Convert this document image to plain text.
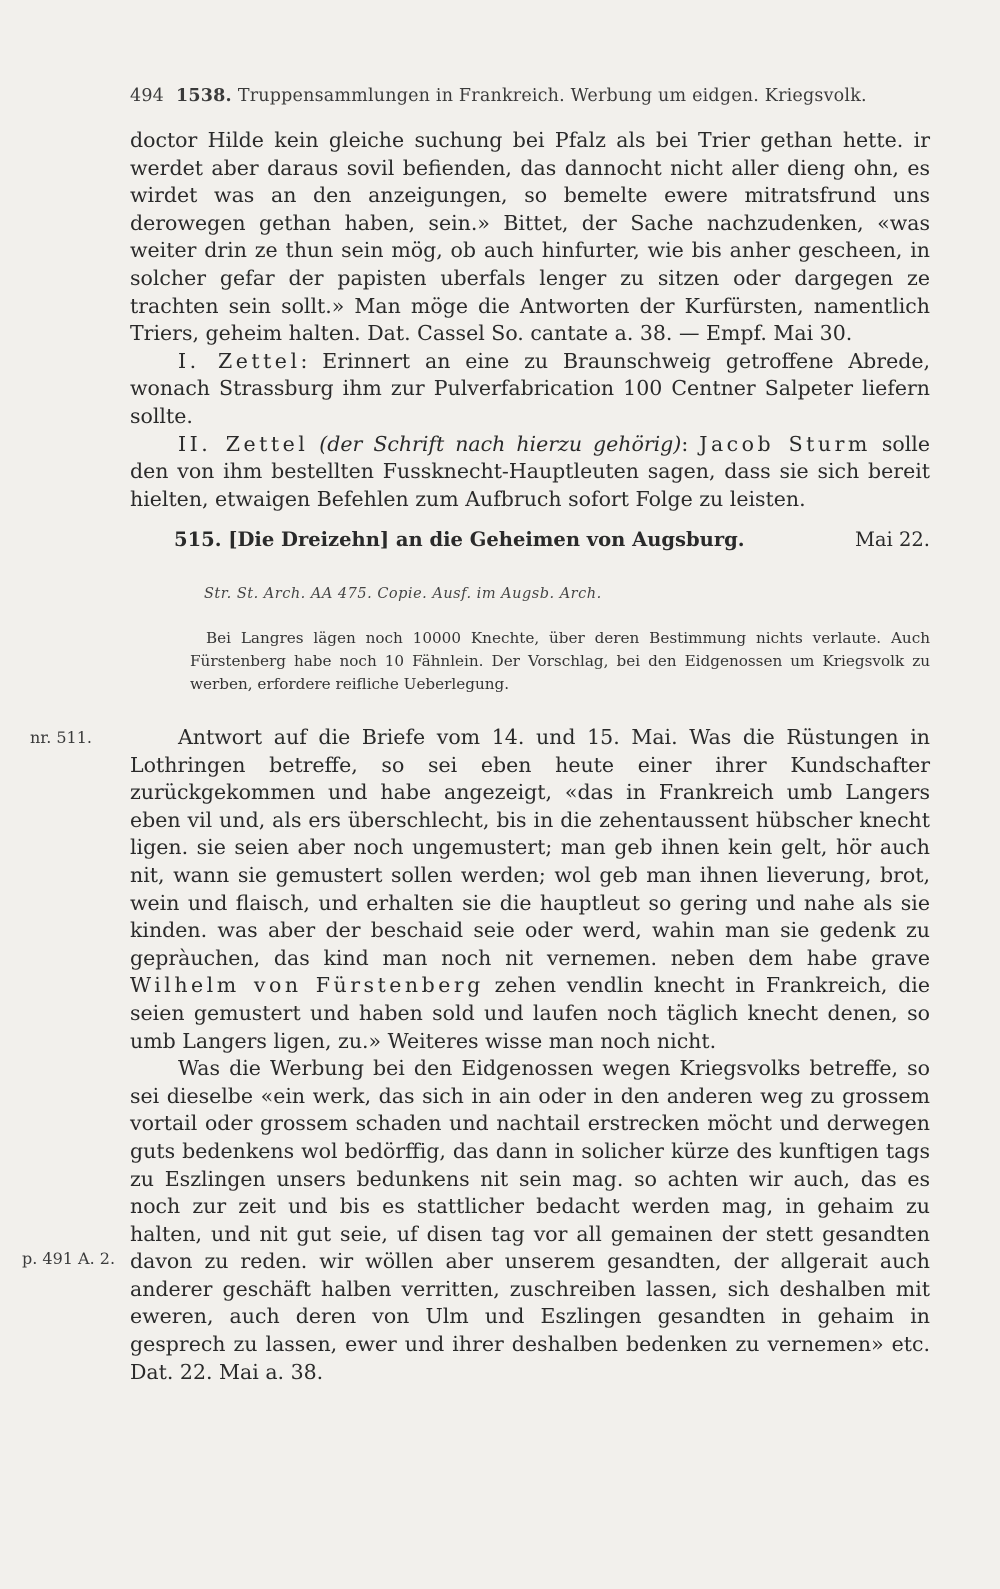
494 1538. Truppensammlungen in Frankreich. Werbung um eidgen. Kriegsvolk.

doctor Hilde kein gleiche suchung bei Pfalz als bei Trier gethan hette. ir werdet aber daraus sovil befienden, das dannocht nicht aller dieng ohn, es wirdet was an den anzeigungen, so bemelte ewere mitratsfrund uns derowegen gethan haben, sein.» Bittet, der Sache nachzudenken, «was weiter drin ze thun sein mög, ob auch hinfurter, wie bis anher gescheen, in solcher gefar der papisten uberfals lenger zu sitzen oder dargegen ze trachten sein sollt.» Man möge die Antworten der Kurfürsten, namentlich Triers, geheim halten. Dat. Cassel So. cantate a. 38. — Empf. Mai 30.

I. Zettel: Erinnert an eine zu Braunschweig getroffene Abrede, wonach Strassburg ihm zur Pulverfabrication 100 Centner Salpeter liefern sollte.

II. Zettel (der Schrift nach hierzu gehörig): Jacob Sturm solle den von ihm bestellten Fussknecht-Hauptleuten sagen, dass sie sich bereit hielten, etwaigen Befehlen zum Aufbruch sofort Folge zu leisten.

515. [Die Dreizehn] an die Geheimen von Augsburg.	Mai 22.
Str. St. Arch. AA 475. Copie. Ausf. im Augsb. Arch.

Bei Langres lägen noch 10000 Knechte, über deren Bestimmung nichts verlaute. Auch Fürstenberg habe noch 10 Fähnlein. Der Vorschlag, bei den Eidgenossen um Kriegsvolk zu werben, erfordere reifliche Ueberlegung.

nr. 511.
p. 491 A. 2.

Antwort auf die Briefe vom 14. und 15. Mai. Was die Rüstungen in Lothringen betreffe, so sei eben heute einer ihrer Kundschafter zurückgekommen und habe angezeigt, «das in Frankreich umb Langers eben vil und, als ers überschlecht, bis in die zehentaussent hübscher knecht ligen. sie seien aber noch ungemustert; man geb ihnen kein gelt, hör auch nit, wann sie gemustert sollen werden; wol geb man ihnen lieverung, brot, wein und flaisch, und erhalten sie die hauptleut so gering und nahe als sie kinden. was aber der beschaid seie oder werd, wahin man sie gedenk zu gepràuchen, das kind man noch nit vernemen. neben dem habe grave Wilhelm von Fürstenberg zehen vendlin knecht in Frankreich, die seien gemustert und haben sold und laufen noch täglich knecht denen, so umb Langers ligen, zu.» Weiteres wisse man noch nicht.

Was die Werbung bei den Eidgenossen wegen Kriegsvolks betreffe, so sei dieselbe «ein werk, das sich in ain oder in den anderen weg zu grossem vortail oder grossem schaden und nachtail erstrecken möcht und derwegen guts bedenkens wol bedörffig, das dann in solicher kürze des kunftigen tags zu Eszlingen unsers bedunkens nit sein mag. so achten wir auch, das es noch zur zeit und bis es stattlicher bedacht werden mag, in gehaim zu halten, und nit gut seie, uf disen tag vor all gemainen der stett gesandten davon zu reden. wir wöllen aber unserem gesandten, der allgerait auch anderer geschäft halben verritten, zuschreiben lassen, sich deshalben mit eweren, auch deren von Ulm und Eszlingen gesandten in gehaim in gesprech zu lassen, ewer und ihrer deshalben bedenken zu vernemen» etc. Dat. 22. Mai a. 38.
